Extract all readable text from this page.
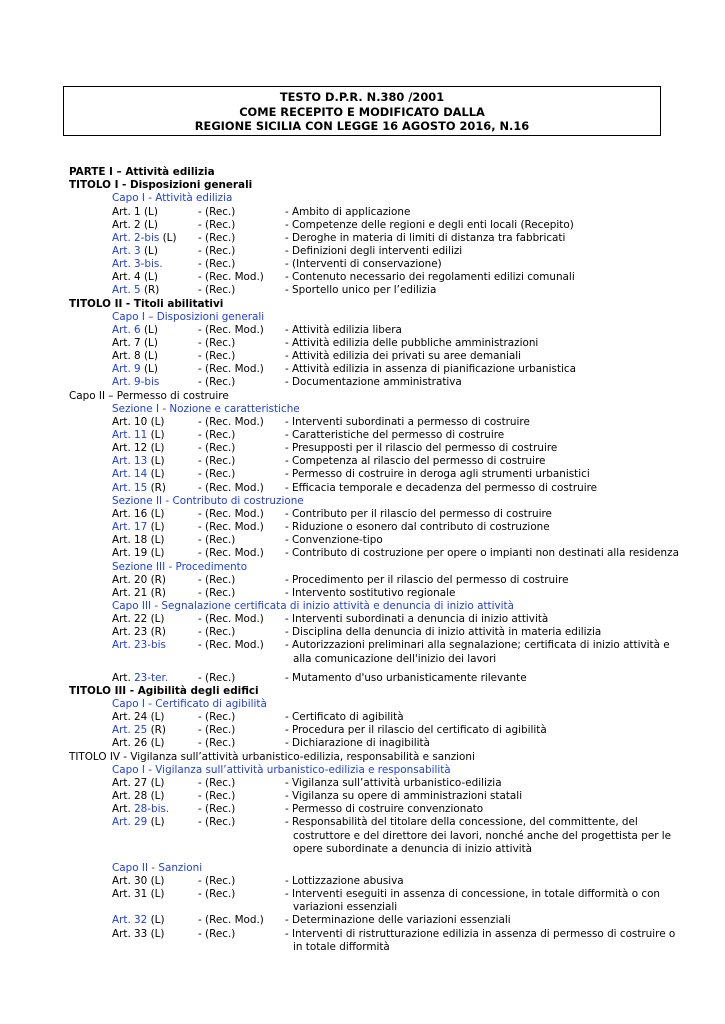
TESTO D.P.R. N.380 /2001
COME RECEPITO E MODIFICATO DALLA
REGIONE SICILIA CON LEGGE 16 AGOSTO 2016, N.16
PARTE I – Attività edilizia
TITOLO I - Disposizioni generali
Capo I - Attività edilizia
Art. 1 (L)	- (Rec.)	- Ambito di applicazione
Art. 2 (L)	- (Rec.)	- Competenze delle regioni e degli enti locali (Recepito)
Art. 2-bis (L) - (Rec.)	- Deroghe in materia di limiti di distanza tra fabbricati
Art. 3 (L)	- (Rec.)	- Definizioni degli interventi edilizi
Art. 3-bis.	- (Rec.)	- (Interventi di conservazione)
Art. 4 (L)	- (Rec. Mod.) - Contenuto necessario dei regolamenti edilizi comunali
Art. 5 (R)	- (Rec.)	- Sportello unico per l’edilizia
TITOLO II - Titoli abilitativi
Capo I – Disposizioni generali
Art. 6 (L)	- (Rec. Mod.) - Attività edilizia libera
Art. 7 (L)	- (Rec.)	- Attività edilizia delle pubbliche amministrazioni
Art. 8 (L)	- (Rec.)	- Attività edilizia dei privati su aree demaniali
Art. 9 (L)	- (Rec. Mod.) - Attività edilizia in assenza di pianificazione urbanistica
Art. 9-bis	- (Rec.)	- Documentazione amministrativa
Capo II – Permesso di costruire
Sezione I - Nozione e caratteristiche
Art. 10 (L)	- (Rec. Mod.) - Interventi subordinati a permesso di costruire
Art. 11 (L)	- (Rec.)	- Caratteristiche del permesso di costruire
Art. 12 (L)	- (Rec.)	- Presupposti per il rilascio del permesso di costruire
Art. 13 (L)	- (Rec.)	- Competenza al rilascio del permesso di costruire
Art. 14 (L)	- (Rec.)	- Permesso di costruire in deroga agli strumenti urbanistici
Art. 15 (R)	- (Rec. Mod.) - Efficacia temporale e decadenza del permesso di costruire
Sezione II - Contributo di costruzione
Art. 16 (L)	- (Rec. Mod.) - Contributo per il rilascio del permesso di costruire
Art. 17 (L)	- (Rec. Mod.) - Riduzione o esonero dal contributo di costruzione
Art. 18 (L)	- (Rec.)	- Convenzione-tipo
Art. 19 (L)	- (Rec. Mod.) - Contributo di costruzione per opere o impianti non destinati alla residenza
Sezione III - Procedimento
Art. 20 (R)	- (Rec.)	- Procedimento per il rilascio del permesso di costruire
Art. 21 (R)	- (Rec.)	- Intervento sostitutivo regionale
Capo III - Segnalazione certificata di inizio attività e denuncia di inizio attività
Art. 22 (L)	- (Rec. Mod.) - Interventi subordinati a denuncia di inizio attività
Art. 23 (R)	- (Rec.)	- Disciplina della denuncia di inizio attività in materia edilizia
Art. 23-bis	- (Rec. Mod.) - Autorizzazioni preliminari alla segnalazione; certificata di inizio attività e
alla comunicazione dell'inizio dei lavori
Art. 23-ter.	- (Rec.)	- Mutamento d'uso urbanisticamente rilevante
TITOLO III - Agibilità degli edifici
Capo I - Certificato di agibilità
Art. 24 (L)	- (Rec.)	- Certificato di agibilità
Art. 25 (R)	- (Rec.)	- Procedura per il rilascio del certificato di agibilità
Art. 26 (L)	- (Rec.)	- Dichiarazione di inagibilità
TITOLO IV - Vigilanza sull’attività urbanistico-edilizia, responsabilità e sanzioni
Capo I - Vigilanza sull’attività urbanistico-edilizia e responsabilità
Art. 27 (L)	- (Rec.)	- Vigilanza sull’attività urbanistico-edilizia
Art. 28 (L)	- (Rec.)	- Vigilanza su opere di amministrazioni statali
Art. 28-bis.	- (Rec.)	- Permesso di costruire convenzionato
Art. 29 (L)	- (Rec.)	- Responsabilità del titolare della concessione, del committente, del
costruttore e del direttore dei lavori, nonché anche del progettista per le
opere subordinate a denuncia di inizio attività
Capo II - Sanzioni
Art. 30 (L)	- (Rec.)	- Lottizzazione abusiva
Art. 31 (L)	- (Rec.)	- Interventi eseguiti in assenza di concessione, in totale difformità o con
variazioni essenziali
Art. 32 (L)	- (Rec. Mod.) - Determinazione delle variazioni essenziali
Art. 33 (L)	- (Rec.)	- Interventi di ristrutturazione edilizia in assenza di permesso di costruire o
in totale difformità
